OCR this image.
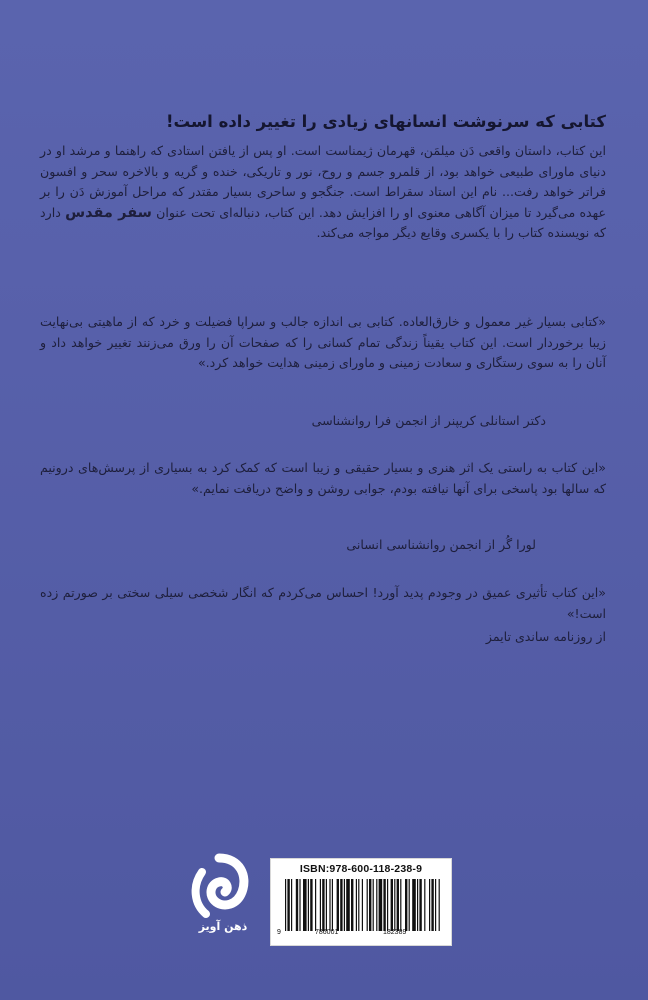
کتابی که سرنوشت انسانهای زیادی را تغییر داده است!

این کتاب، داستان واقعی دَن میلمَن، قهرمان ژیمناست است. او پس از یافتن استادی که راهنما و مرشد او در دنیای ماورای طبیعی خواهد بود، از قلمرو جسم و روح، نور و تاریکی، خنده و گریه و بالاخره سحر و افسون فراتر خواهد رفت... نام این استاد سقراط است. جنگجو و ساحری بسیار مقتدر که مراحل آموزش دَن را بر عهده می‌گیرد تا میزان آگاهی معنوی او را افزایش دهد. این کتاب، دنباله‌ای تحت عنوان سفر مقدس دارد که نویسنده کتاب را با یکسری وقایع دیگر مواجه می‌کند.

«کتابی بسیار غیر معمول و خارق‌العاده. کتابی بی اندازه جالب و سراپا فضیلت و خرد که از ماهیتی بی‌نهایت زیبا برخوردار است. این کتاب یقیناً زندگی تمام کسانی را که صفحات آن را ورق می‌زنند تغییر خواهد داد و آنان را به سوی رستگاری و سعادت زمینی و ماورای زمینی هدایت خواهد کرد.»

دکتر استانلی کریپنر از انجمن فرا روانشناسی

«این کتاب به راستی یک اثر هنری و بسیار حقیقی و زیبا است که کمک کرد به بسیاری از پرسش‌های درونیم که سالها بود پاسخی برای آنها نیافته بودم، جوابی روشن و واضح دریافت نمایم.»

لورا گُر از انجمن روانشناسی انسانی

«این کتاب تأثیری عمیق در وجودم پدید آورد! احساس می‌کردم که انگار شخصی سیلی سختی بر صورتم زده است!»

از روزنامه ساندی تایمز

ذهن آویز
ISBN:978-600-118-238-9
9	786001	182389
